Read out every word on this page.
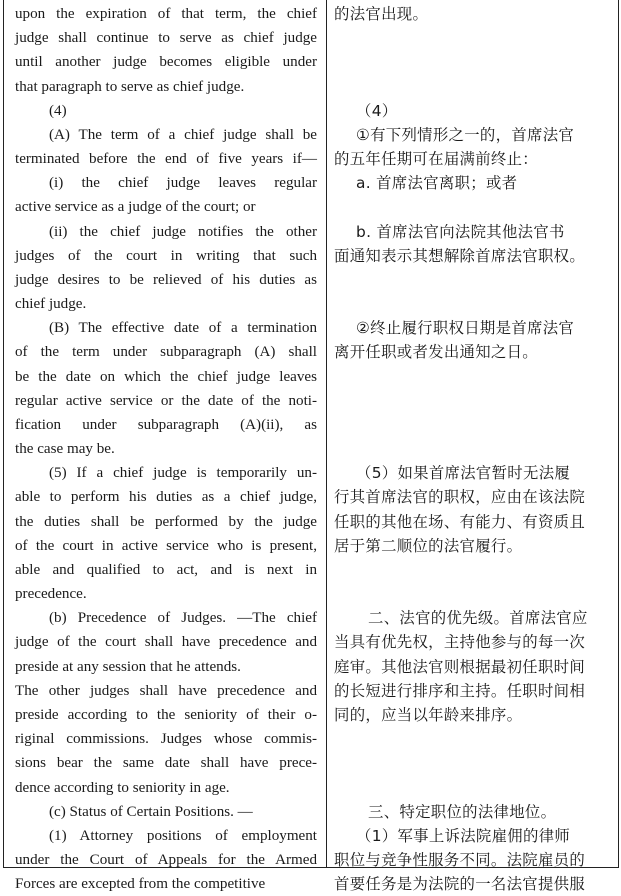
upon the expiration of that term, the chief
judge shall continue to serve as chief judge
until another judge becomes eligible under
that paragraph to serve as chief judge.
(4)
(A) The term of a chief judge shall be
terminated before the end of five years if—
(i) the chief judge leaves regular
active service as a judge of the court; or
(ii) the chief judge notifies the other
judges of the court in writing that such
judge desires to be relieved of his duties as
chief judge.
(B) The effective date of a termination
of the term under subparagraph (A) shall
be the date on which the chief judge leaves
regular active service or the date of the noti-
fication under subparagraph (A)(ii), as
the case may be.
(5) If a chief judge is temporarily un-
able to perform his duties as a chief judge,
the duties shall be performed by the judge
of the court in active service who is present,
able and qualified to act, and is next in
precedence.
(b) Precedence of Judges. —The chief
judge of the court shall have precedence and
preside at any session that he attends.
The other judges shall have precedence and
preside according to the seniority of their o-
riginal commissions. Judges whose commis-
sions bear the same date shall have prece-
dence according to seniority in age.
(c) Status of Certain Positions. —
(1) Attorney positions of employment
under the Court of Appeals for the Armed
Forces are excepted from the competitive
的法官出现。
（4）
①有下列情形之一的，首席法官
的五年任期可在届满前终止：
a. 首席法官离职；或者
b. 首席法官向法院其他法官书
面通知表示其想解除首席法官职权。
②终止履行职权日期是首席法官
离开任职或者发出通知之日。
（5）如果首席法官暂时无法履
行其首席法官的职权，应由在该法院
任职的其他在场、有能力、有资质且
居于第二顺位的法官履行。
二、法官的优先级。首席法官应
当具有优先权，主持他参与的每一次
庭审。其他法官则根据最初任职时间
的长短进行排序和主持。任职时间相
同的，应当以年龄来排序。
三、特定职位的法律地位。
（1）军事上诉法院雇佣的律师
职位与竞争性服务不同。法院雇员的
首要任务是为法院的一名法官提供服
